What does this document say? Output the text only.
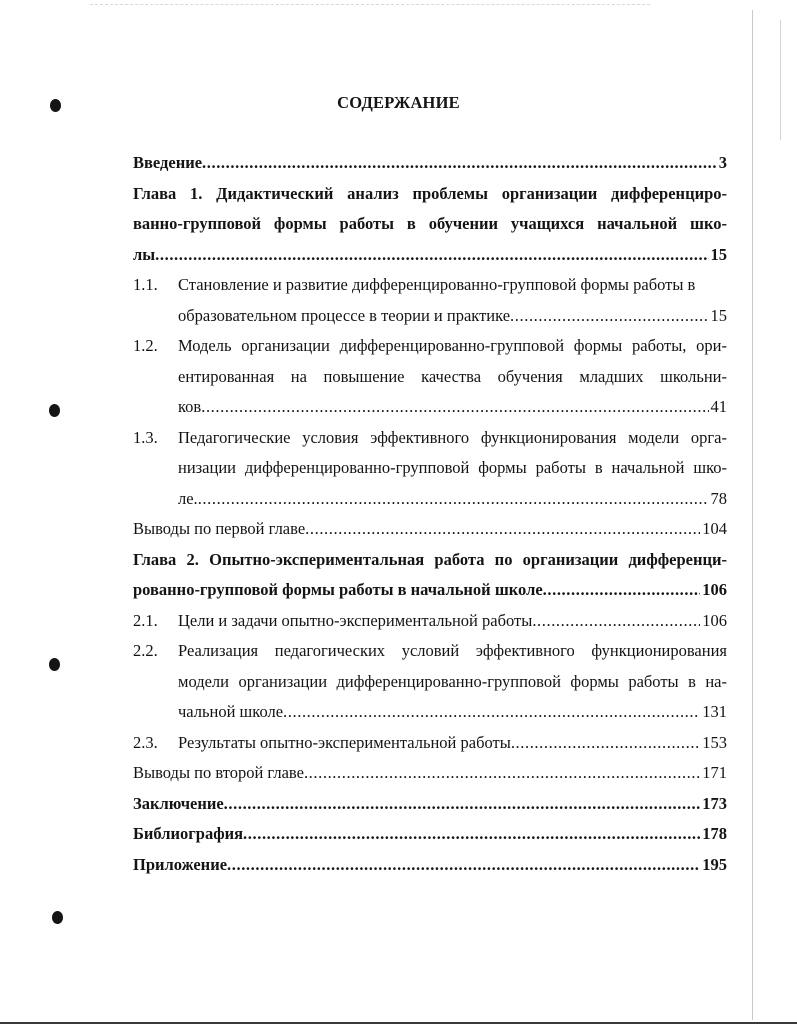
СОДЕРЖАНИЕ
Введение .....	3
Глава 1. Дидактический анализ проблемы организации дифференциро-
ванно-групповой формы работы в обучении учащихся начальной шко-
лы .....	15
1.1.	Становление и развитие дифференцированно-групповой формы работы в
образовательном процессе в теории и практике .....	15
1.2.	Модель организации дифференцированно-групповой формы работы, ори-
ентированная на повышение качества обучения младших школьни-
ков .....	41
1.3.	Педагогические условия эффективного функционирования модели орга-
низации дифференцированно-групповой формы работы в начальной шко-
ле. .....	78
Выводы по первой главе .....	104
Глава 2. Опытно-экспериментальная работа по организации дифференци-
рованно-групповой формы работы в начальной школе .....	106
2.1.	Цели и задачи опытно-экспериментальной работы .....	106
2.2.	Реализация педагогических условий эффективного функционирования
модели организации дифференцированно-групповой формы работы в на-
чальной школе .....	131
2.3.	Результаты опытно-экспериментальной работы .....	153
Выводы по второй главе .....	171
Заключение .....	173
Библиография .....	178
Приложение .....	195
